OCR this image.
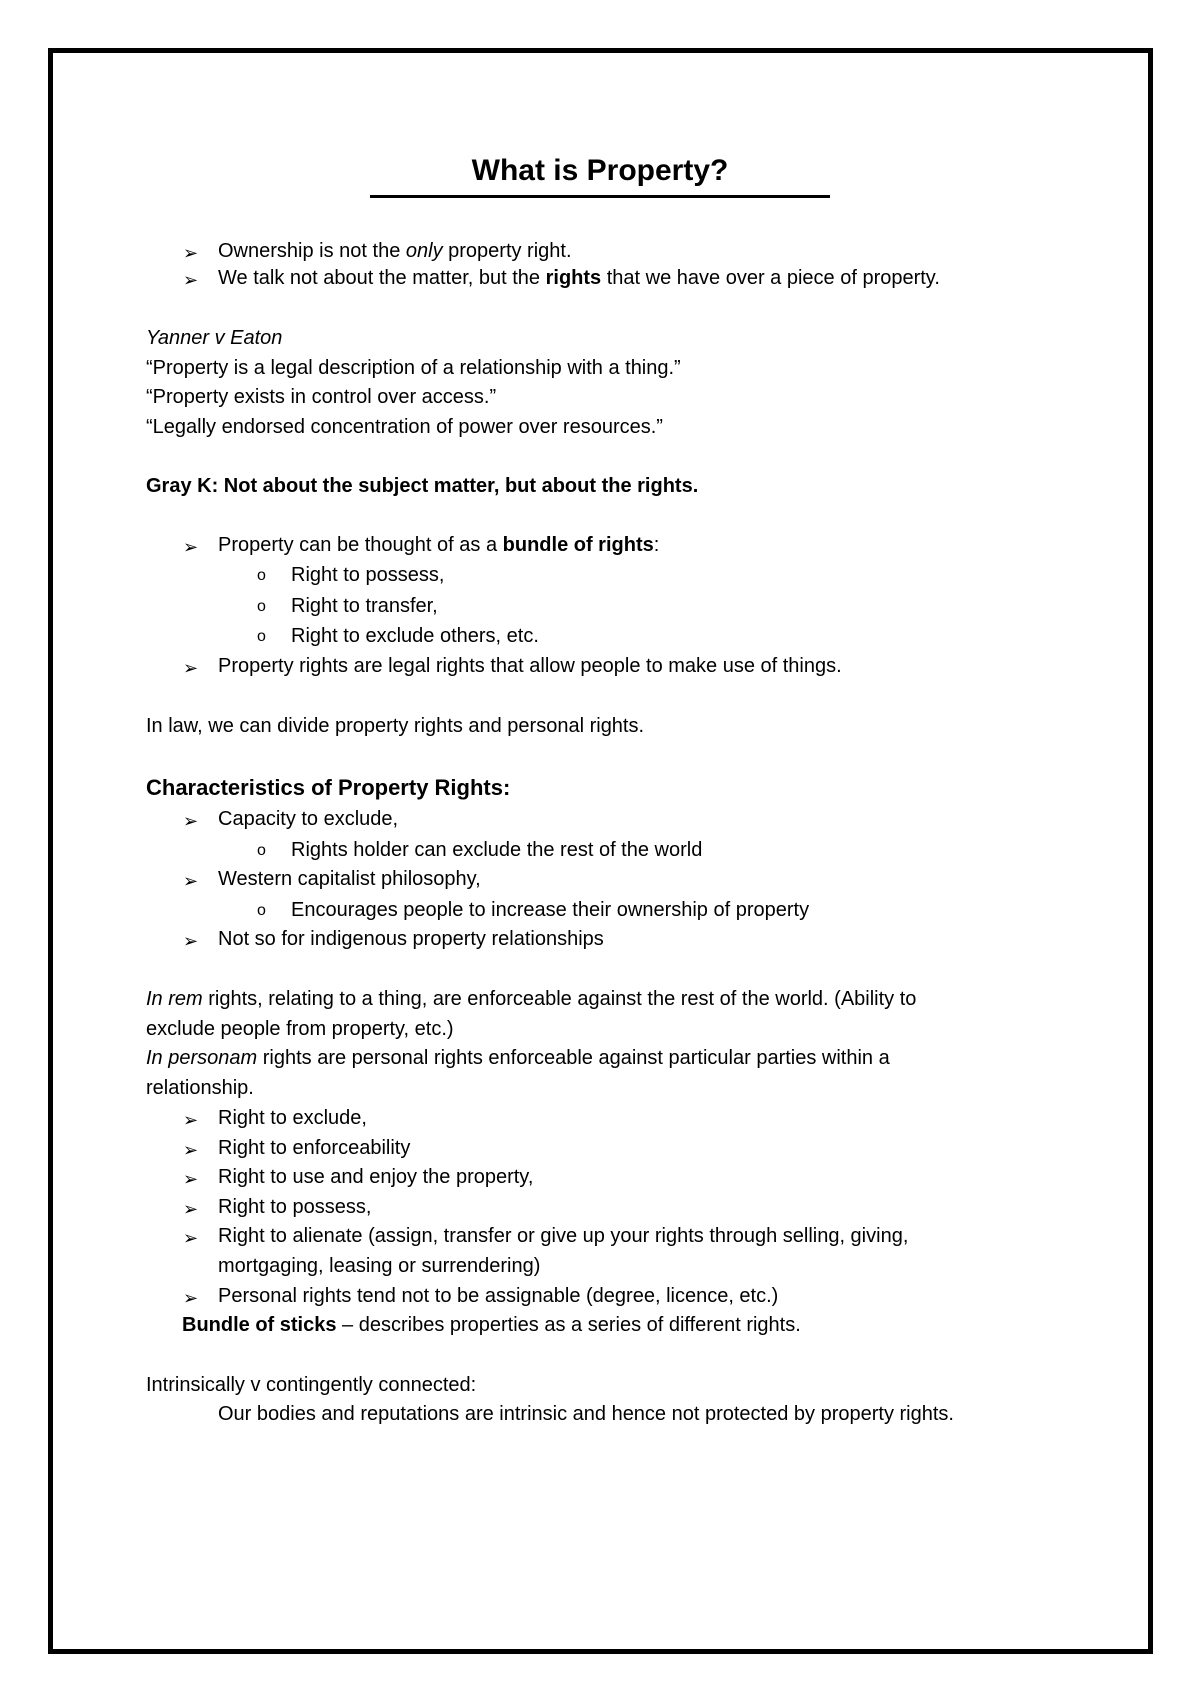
What is Property?
➢ Ownership is not the only property right.
➢ We talk not about the matter, but the rights that we have over a piece of property.
Yanner v Eaton
“Property is a legal description of a relationship with a thing.”
“Property exists in control over access.”
“Legally endorsed concentration of power over resources.”
Gray K: Not about the subject matter, but about the rights.
➢ Property can be thought of as a bundle of rights:
o Right to possess,
o Right to transfer,
o Right to exclude others, etc.
➢ Property rights are legal rights that allow people to make use of things.
In law, we can divide property rights and personal rights.
Characteristics of Property Rights:
➢ Capacity to exclude,
o Rights holder can exclude the rest of the world
➢ Western capitalist philosophy,
o Encourages people to increase their ownership of property
➢ Not so for indigenous property relationships
In rem rights, relating to a thing, are enforceable against the rest of the world. (Ability to
exclude people from property, etc.)
In personam rights are personal rights enforceable against particular parties within a
relationship.
➢ Right to exclude,
➢ Right to enforceability
➢ Right to use and enjoy the property,
➢ Right to possess,
➢ Right to alienate (assign, transfer or give up your rights through selling, giving,
mortgaging, leasing or surrendering)
➢ Personal rights tend not to be assignable (degree, licence, etc.)
Bundle of sticks – describes properties as a series of different rights.
Intrinsically v contingently connected:
Our bodies and reputations are intrinsic and hence not protected by property rights.
